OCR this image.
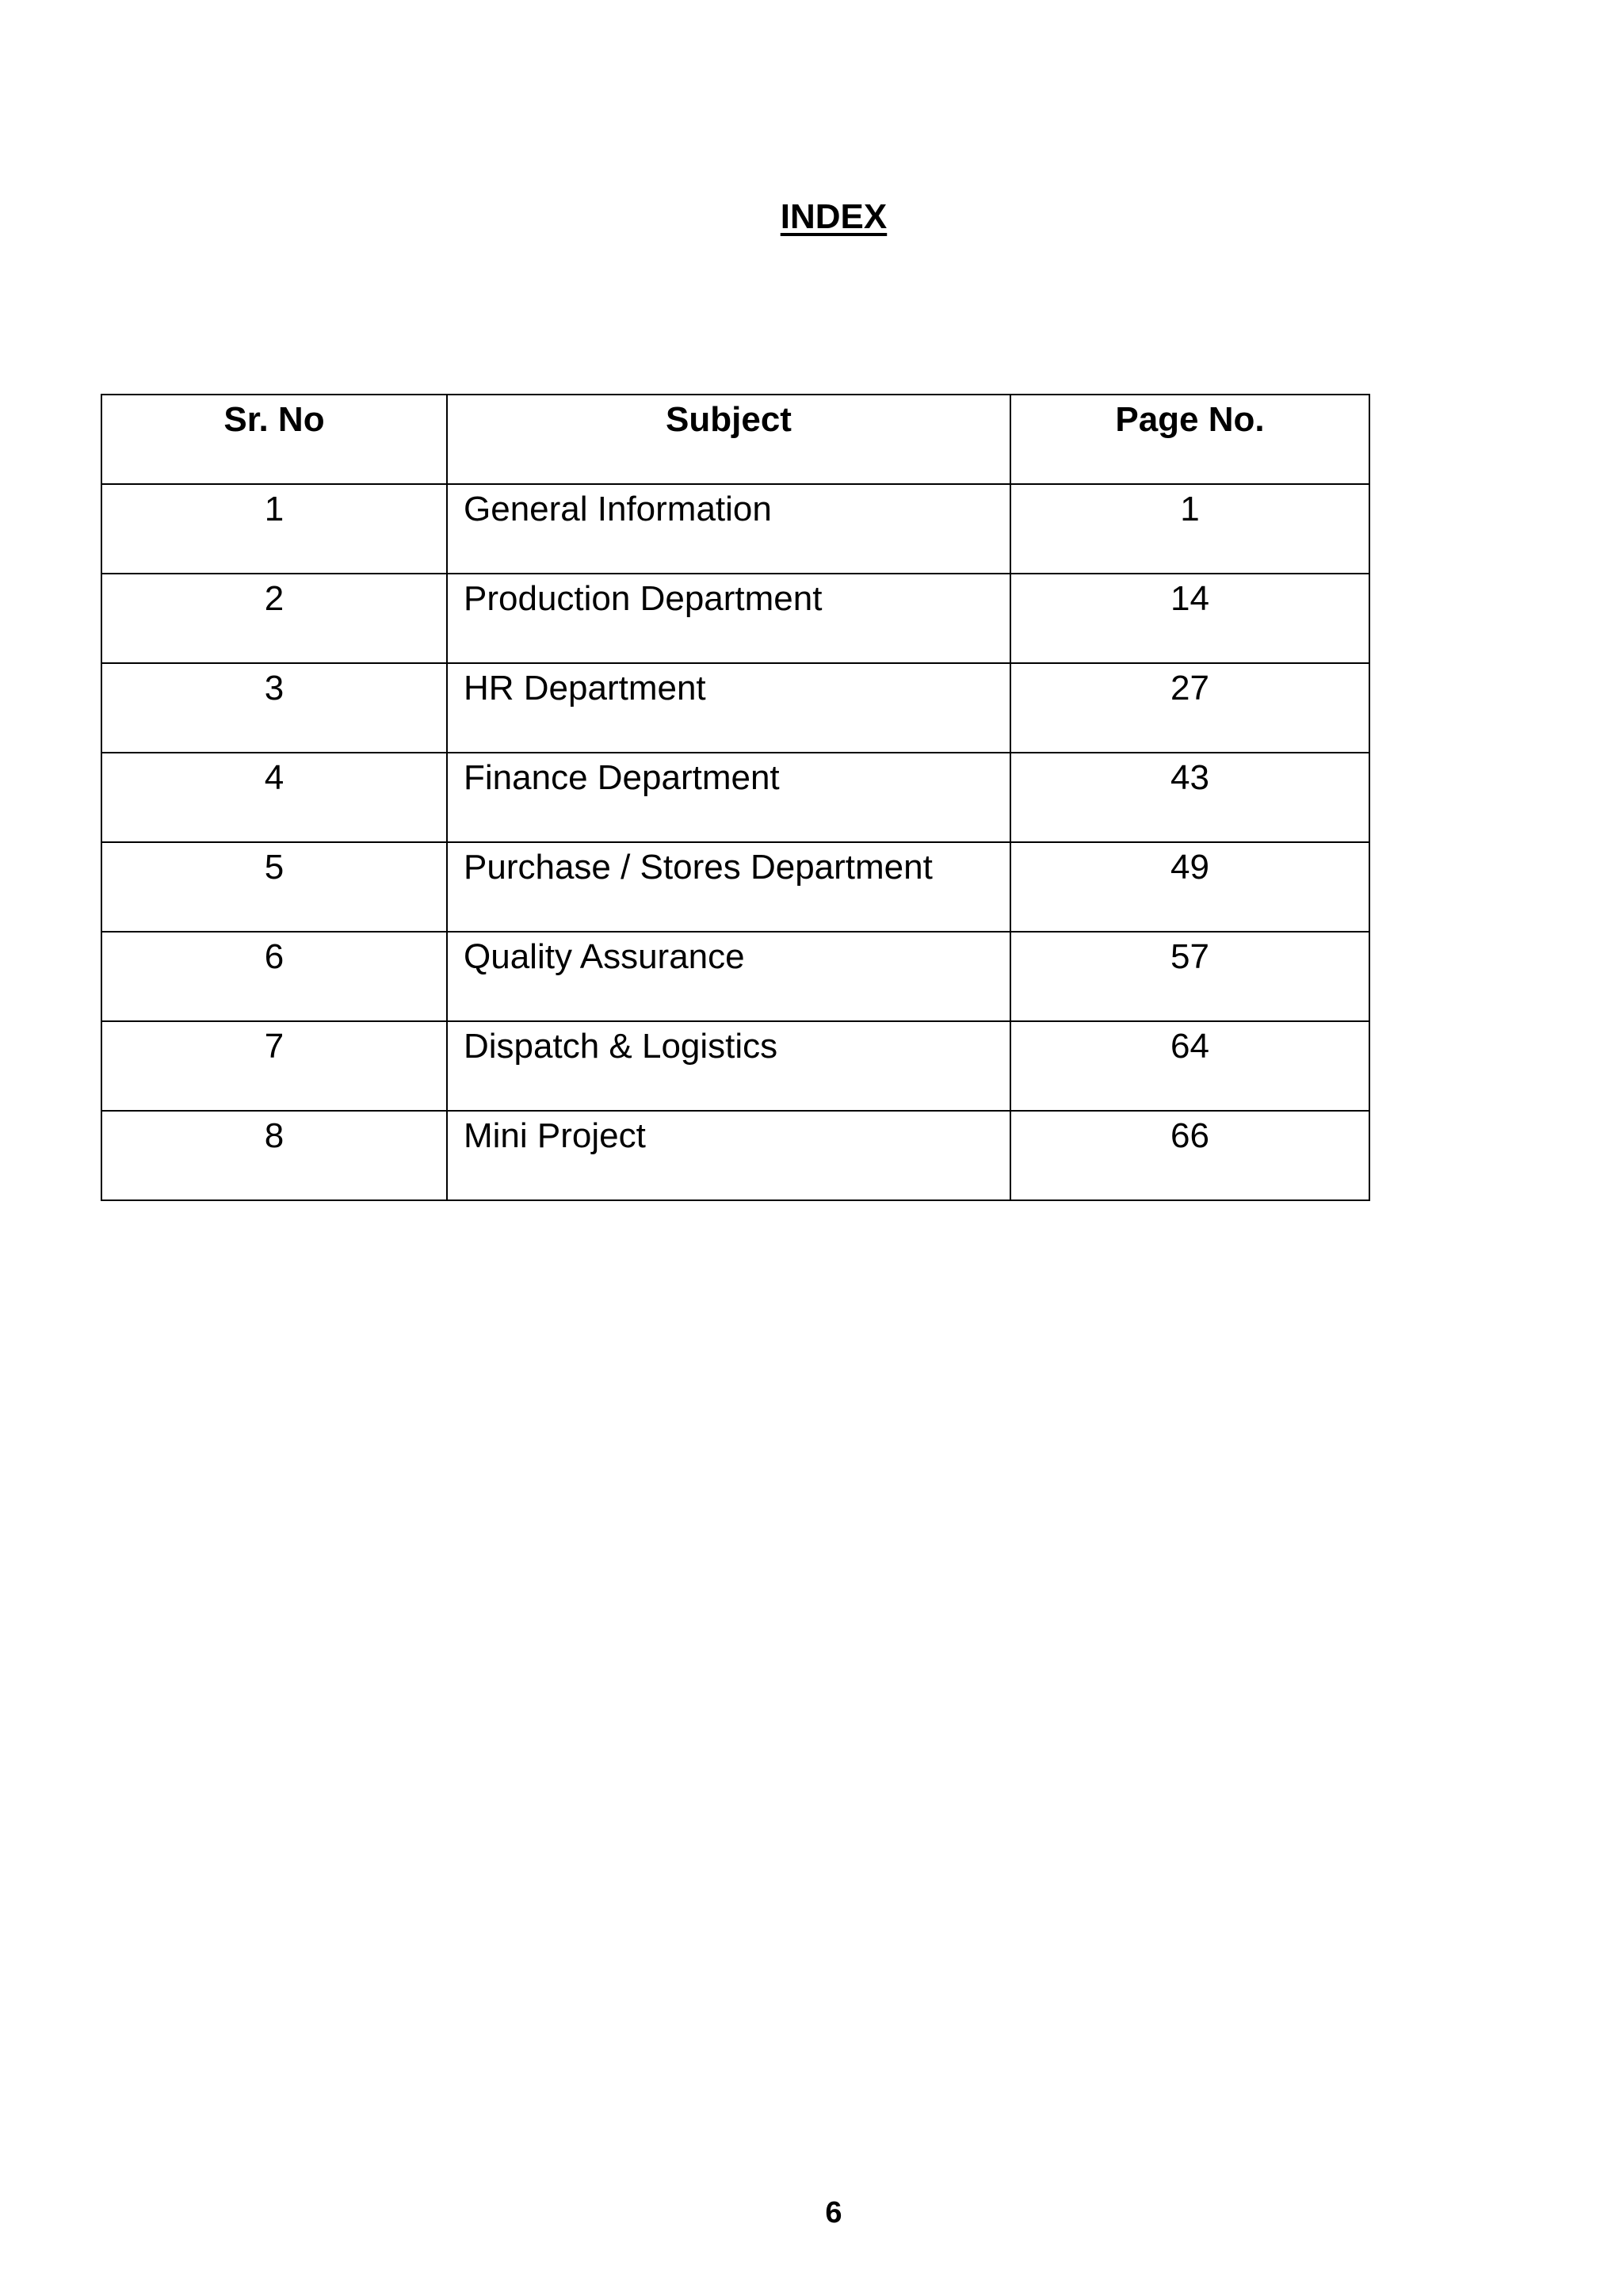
INDEX
Sr. No	Subject	Page No.
1	General Information	1
2	Production Department	14
3	HR Department	27
4	Finance Department	43
5	Purchase / Stores Department	49
6	Quality Assurance	57
7	Dispatch & Logistics	64
8	Mini Project	66

6
